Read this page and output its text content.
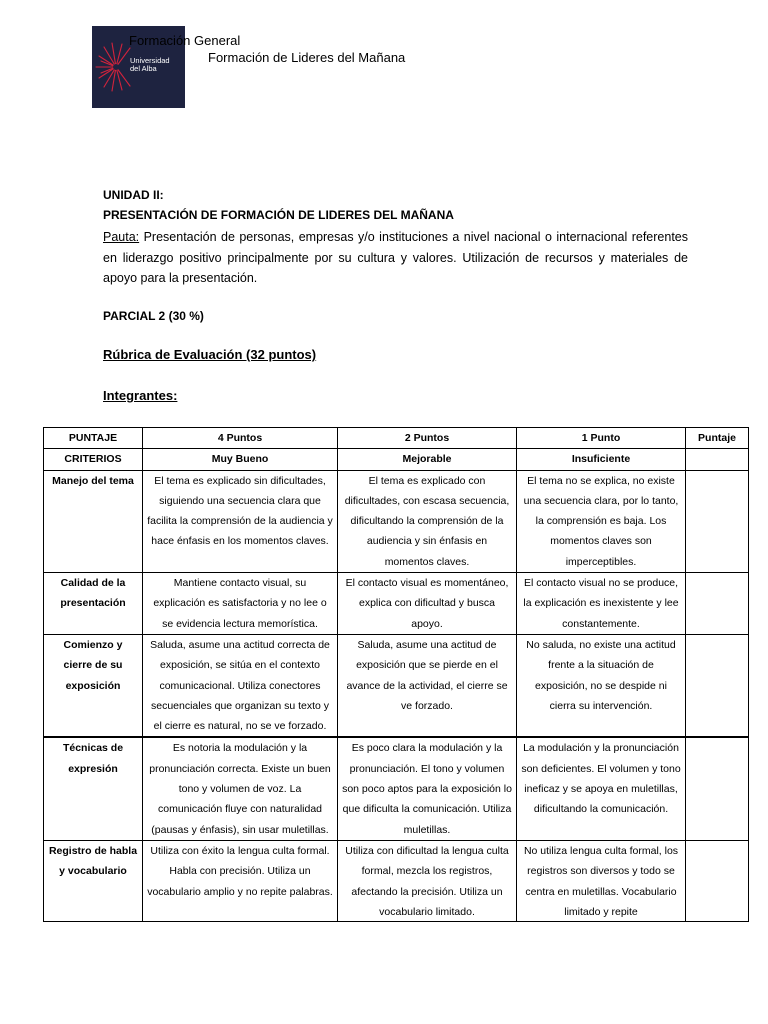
Universidad
del Alba
Formación General
Formación de Lideres del Mañana
UNIDAD II:
PRESENTACIÓN DE FORMACIÓN DE LIDERES DEL MAÑANA
Pauta: Presentación de personas, empresas y/o instituciones a nivel nacional o internacional referentes en liderazgo positivo principalmente por su cultura y valores. Utilización de recursos y materiales de apoyo para la presentación.
PARCIAL 2 (30 %)
Rúbrica de Evaluación (32 puntos)
Integrantes:
PUNTAJE	4 Puntos	2 Puntos	1 Punto	Puntaje
CRITERIOS	Muy Bueno	Mejorable	Insuficiente	
Manejo del tema	El tema es explicado sin dificultades, siguiendo una secuencia clara que facilita la comprensión de la audiencia y hace énfasis en los momentos claves.	El tema es explicado con dificultades, con escasa secuencia, dificultando la comprensión de la audiencia y sin énfasis en momentos claves.	El tema no se explica, no existe una secuencia clara, por lo tanto, la comprensión es baja. Los momentos claves son imperceptibles.	
Calidad de la presentación	Mantiene contacto visual, su explicación es satisfactoria y no lee o se evidencia lectura memorística.	El contacto visual es momentáneo, explica con dificultad y busca apoyo.	El contacto visual no se produce, la explicación es inexistente y lee constantemente.	
Comienzo y cierre de su exposición	Saluda, asume una actitud correcta de exposición, se sitúa en el contexto comunicacional. Utiliza conectores secuenciales que organizan su texto y el cierre es natural, no se ve forzado.	Saluda, asume una actitud de exposición que se pierde en el avance de la actividad, el cierre se ve forzado.	No saluda, no existe una actitud frente a la situación de exposición, no se despide ni cierra su intervención.	
Técnicas de expresión	Es notoria la modulación y la pronunciación correcta. Existe un buen tono y volumen de voz. La comunicación fluye con naturalidad (pausas y énfasis), sin usar muletillas.	Es poco clara la modulación y la pronunciación. El tono y volumen son poco aptos para la exposición lo que dificulta la comunicación. Utiliza muletillas.	La modulación y la pronunciación son deficientes. El volumen y tono ineficaz y se apoya en muletillas, dificultando la comunicación.	

Registro de habla y vocabulario	Utiliza con éxito la lengua culta formal. Habla con precisión. Utiliza un vocabulario amplio y no repite palabras.	Utiliza con dificultad la lengua culta formal, mezcla los registros, afectando la precisión. Utiliza un vocabulario limitado.	No utiliza lengua culta formal, los registros son diversos y todo se centra en muletillas. Vocabulario limitado y repite	
